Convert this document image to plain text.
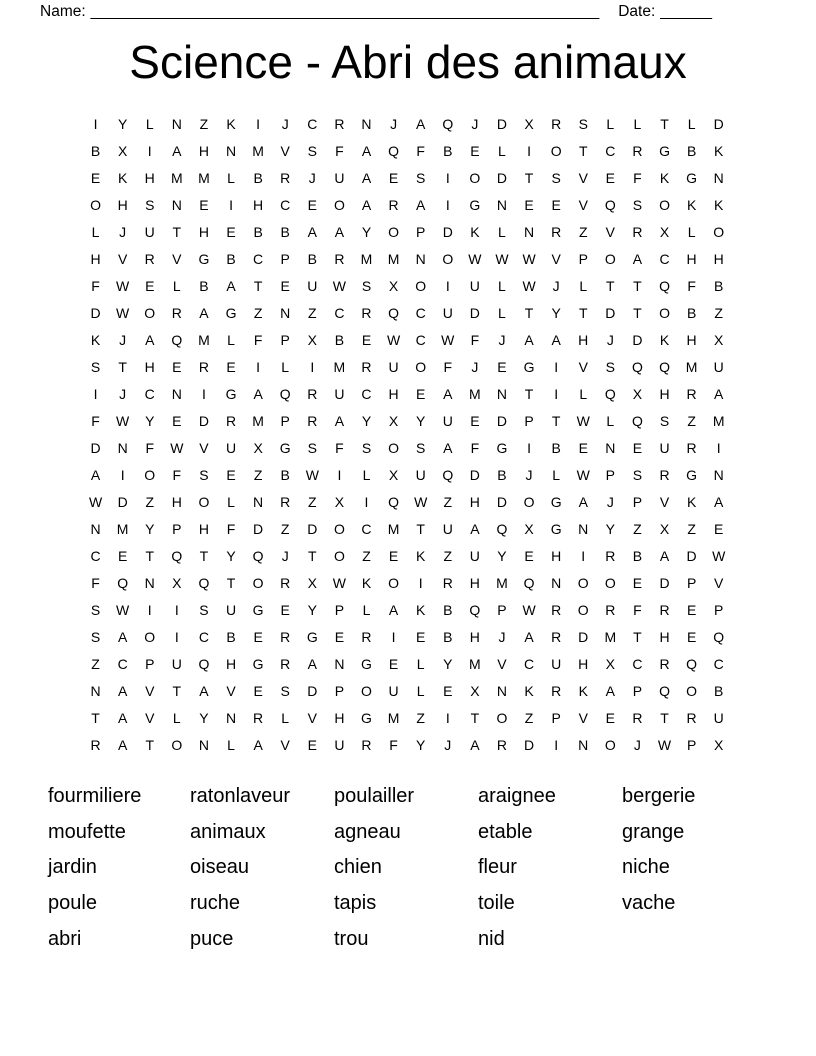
Name: ___________________________________________________________ Date: ______
Science - Abri des animaux
I	Y	L	N	Z	K	I	J	C	R	N	J	A	Q	J	D	X	R	S	L	L	T	L	D
B	X	I	A	H	N	M	V	S	F	A	Q	F	B	E	L	I	O	T	C	R	G	B	K
E	K	H	M	M	L	B	R	J	U	A	E	S	I	O	D	T	S	V	E	F	K	G	N
O	H	S	N	E	I	H	C	E	O	A	R	A	I	G	N	E	E	V	Q	S	O	K	K
L	J	U	T	H	E	B	B	A	A	Y	O	P	D	K	L	N	R	Z	V	R	X	L	O
H	V	R	V	G	B	C	P	B	R	M	M	N	O	W W W	V	P	O	A	C	H	H
F	W	E	L	B	A	T	E	U	W	S	X	O	I	U	L	W	J	L	T	T	Q	F	B
D	W	O	R	A	G	Z	N	Z	C	R	Q	C	U	D	L	T	Y	T	D	T	O	B	Z
K	J	A	Q	M	L	F	P	X	B	E	W	C	W	F	J	A	A	H	J	D	K	H	X
S	T	H	E	R	E	I	L	I	M	R	U	O	F	J	E	G	I	V	S	Q	Q	M	U
I	J	C	N	I	G	A	Q	R	U	C	H	E	A	M	N	T	I	L	Q	X	H	R	A
F	W	Y	E	D	R	M	P	R	A	Y	X	Y	U	E	D	P	T	W	L	Q	S	Z	M
D	N	F	W	V	U	X	G	S	F	S	O	S	A	F	G	I	B	E	N	E	U	R	I
A	I	O	F	S	E	Z	B	W	I	L	X	U	Q	D	B	J	L	W	P	S	R	G	N
W	D	Z	H	O	L	N	R	Z	X	I	Q	W	Z	H	D	O	G	A	J	P	V	K	A
N	M	Y	P	H	F	D	Z	D	O	C	M	T	U	A	Q	X	G	N	Y	Z	X	Z	E
C	E	T	Q	T	Y	Q	J	T	O	Z	E	K	Z	U	Y	E	H	I	R	B	A	D	W
F	Q	N	X	Q	T	O	R	X	W	K	O	I	R	H	M	Q	N	O	O	E	D	P	V
S	W	I	I	S	U	G	E	Y	P	L	A	K	B	Q	P	W	R	O	R	F	R	E	P
S	A	O	I	C	B	E	R	G	E	R	I	E	B	H	J	A	R	D	M	T	H	E	Q
Z	C	P	U	Q	H	G	R	A	N	G	E	L	Y	M	V	C	U	H	X	C	R	Q	C
N	A	V	T	A	V	E	S	D	P	O	U	L	E	X	N	K	R	K	A	P	Q	O	B
T	A	V	L	Y	N	R	L	V	H	G	M	Z	I	T	O	Z	P	V	E	R	T	R	U
R	A	T	O	N	L	A	V	E	U	R	F	Y	J	A	R	D	I	N	O	J	W	P	X
fourmiliere
moufette
jardin
poule
abri
ratonlaveur
animaux
oiseau
ruche
puce
poulailler
agneau
chien
tapis
trou
araignee
etable
fleur
toile
nid
bergerie
grange
niche
vache
